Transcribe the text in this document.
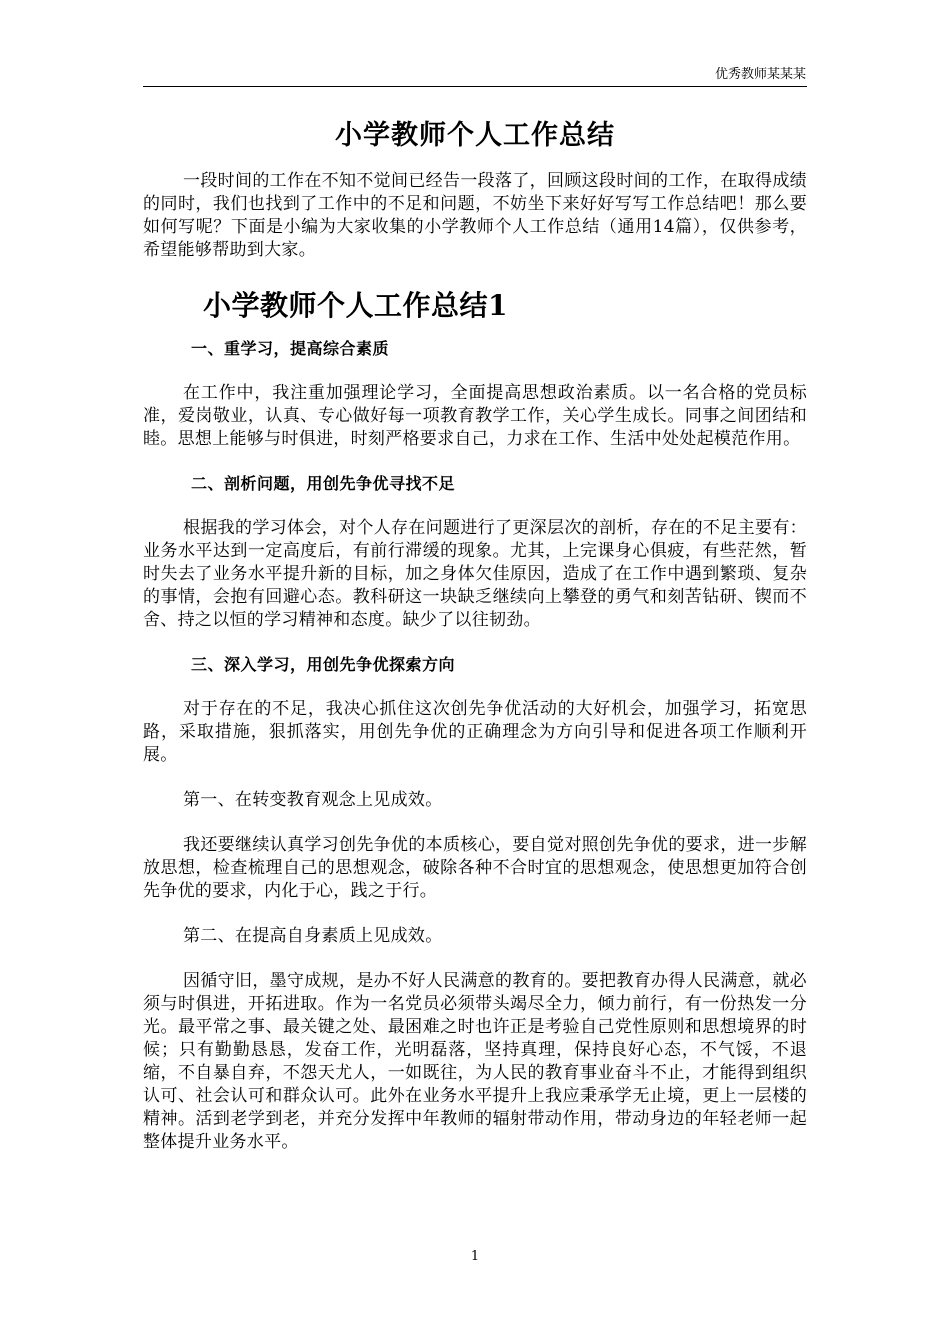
优秀教师某某某
小学教师个人工作总结

一段时间的工作在不知不觉间已经告一段落了，回顾这段时间的工作，在取得成绩的同时，我们也找到了工作中的不足和问题，不妨坐下来好好写写工作总结吧！那么要如何写呢？下面是小编为大家收集的小学教师个人工作总结（通用14篇），仅供参考，希望能够帮助到大家。

小学教师个人工作总结1
一、重学习，提高综合素质

在工作中，我注重加强理论学习，全面提高思想政治素质。以一名合格的党员标准，爱岗敬业，认真、专心做好每一项教育教学工作，关心学生成长。同事之间团结和睦。思想上能够与时俱进，时刻严格要求自己，力求在工作、生活中处处起模范作用。

二、剖析问题，用创先争优寻找不足

根据我的学习体会，对个人存在问题进行了更深层次的剖析，存在的不足主要有：业务水平达到一定高度后，有前行滞缓的现象。尤其，上完课身心俱疲，有些茫然，暂时失去了业务水平提升新的目标，加之身体欠佳原因，造成了在工作中遇到繁琐、复杂的事情，会抱有回避心态。教科研这一块缺乏继续向上攀登的勇气和刻苦钻研、锲而不舍、持之以恒的学习精神和态度。缺少了以往韧劲。

三、深入学习，用创先争优探索方向

对于存在的不足，我决心抓住这次创先争优活动的大好机会，加强学习，拓宽思路，采取措施，狠抓落实，用创先争优的正确理念为方向引导和促进各项工作顺利开展。

第一、在转变教育观念上见成效。

我还要继续认真学习创先争优的本质核心，要自觉对照创先争优的要求，进一步解放思想，检查梳理自己的思想观念，破除各种不合时宜的思想观念，使思想更加符合创先争优的要求，内化于心，践之于行。

第二、在提高自身素质上见成效。

因循守旧，墨守成规，是办不好人民满意的教育的。要把教育办得人民满意，就必须与时俱进，开拓进取。作为一名党员必须带头竭尽全力，倾力前行，有一份热发一分光。最平常之事、最关键之处、最困难之时也许正是考验自己党性原则和思想境界的时候；只有勤勤恳恳，发奋工作，光明磊落，坚持真理，保持良好心态，不气馁，不退缩，不自暴自弃，不怨天尤人，一如既往，为人民的教育事业奋斗不止，才能得到组织认可、社会认可和群众认可。此外在业务水平提升上我应秉承学无止境，更上一层楼的精神。活到老学到老，并充分发挥中年教师的辐射带动作用，带动身边的年轻老师一起整体提升业务水平。

1
